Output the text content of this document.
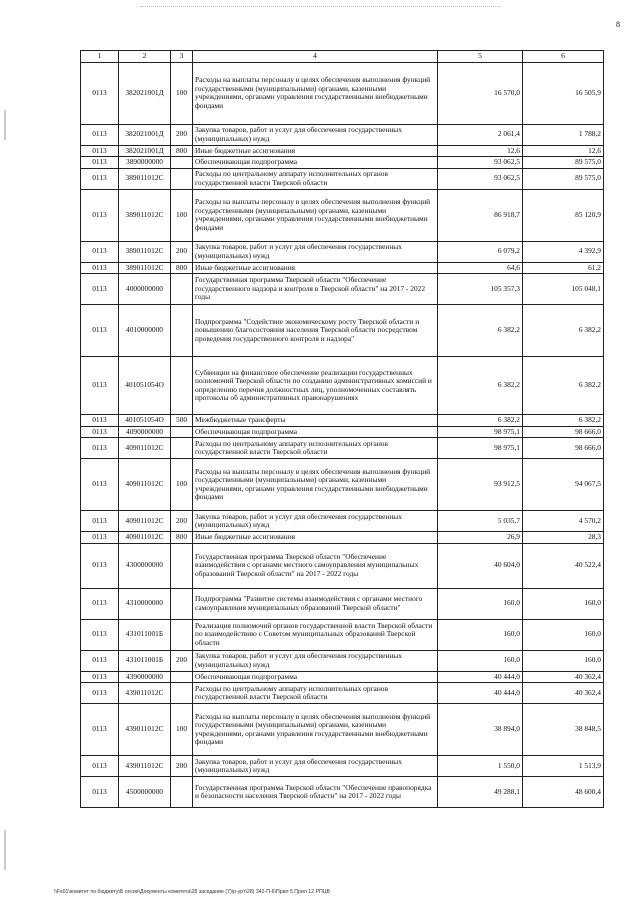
8
1	2	3	4	5	6
0113	382021001Д	100	Расходы на выплаты персоналу в целях обеспечения выполнения функций государственными (муниципальными) органами, казенными учреждениями, органами управления государственными внебюджетными фондами	16 570,0	16 505,9
0113	382021001Д	200	Закупка товаров, работ и услуг для обеспечения государственных (муниципальных) нужд	2 061,4	1 788,2
0113	382021001Д	800	Иные бюджетные ассигнования	12,6	12,6
0113	3890000000		Обеспечивающая подпрограмма	93 062,5	89 575,0
0113	389011012С		Расходы по центральному аппарату исполнительных органов государственной власти Тверской области	93 062,5	89 575,0
0113	389011012С	100	Расходы на выплаты персоналу в целях обеспечения выполнения функций государственными (муниципальными) органами, казенными учреждениями, органами управления государственными внебюджетными фондами	86 918,7	85 120,9
0113	389011012С	200	Закупка товаров, работ и услуг для обеспечения государственных (муниципальных) нужд	6 079,2	4 392,9
0113	389011012С	800	Иные бюджетные ассигнования	64,6	61,2
0113	4000000000		Государственная программа Тверской области "Обеспечение государственного надзора и контроля в Тверской области" на 2017 - 2022 годы	105 357,3	105 048,1
0113	4010000000		Подпрограмма "Содействие экономическому росту Тверской области и повышению благосостояния населения Тверской области посредством проведения государственного контроля и надзора"	6 382,2	6 382,2
0113	401051054О		Субвенции на финансовое обеспечение реализации государственных полномочий Тверской области по созданию административных комиссий и определению перечня должностных лиц, уполномоченных составлять протоколы об административных правонарушениях	6 382,2	6 382,2
0113	401051054О	500	Межбюджетные трансферты	6 382,2	6 382,2
0113	4090000000		Обеспечивающая подпрограмма	98 975,1	98 666,0
0113	409011012С		Расходы по центральному аппарату исполнительных органов государственной власти Тверской области	98 975,1	98 666,0
0113	409011012С	100	Расходы на выплаты персоналу в целях обеспечения выполнения функций государственными (муниципальными) органами, казенными учреждениями, органами управления государственными внебюджетными фондами	93 912,5	94 067,5
0113	409011012С	200	Закупка товаров, работ и услуг для обеспечения государственных (муниципальных) нужд	5 035,7	4 570,2
0113	409011012С	800	Иные бюджетные ассигнования	26,9	28,3
0113	4300000000		Государственная программа Тверской области "Обеспечение взаимодействия с органами местного самоуправления муниципальных образований Тверской области" на 2017 - 2022 годы	40 604,0	40 522,4
0113	4310000000		Подпрограмма "Развитие системы взаимодействия с органами местного самоуправления муниципальных образований Тверской области"	160,0	160,0
0113	431011001Б		Реализация полномочий органов государственной власти Тверской области по взаимодействию с Советом муниципальных образований Тверской области	160,0	160,0
0113	431011001Б	200	Закупка товаров, работ и услуг для обеспечения государственных (муниципальных) нужд	160,0	160,0
0113	4390000000		Обеспечивающая подпрограмма	40 444,0	40 362,4
0113	439011012С		Расходы по центральному аппарату исполнительных органов государственной власти Тверской области	40 444,0	40 362,4
0113	439011012С	100	Расходы на выплаты персоналу в целях обеспечения выполнения функций государственными (муниципальными) органами, казенными учреждениями, органами управления государственными внебюджетными фондами	38 894,0	38 848,5
0113	439011012С	200	Закупка товаров, работ и услуг для обеспечения государственных (муниципальных) нужд	1 550,0	1 513,9
0113	4500000000		Государственная программа Тверской области "Обеспечение правопорядка и безопасности населения Тверской области" на 2017 - 2022 годы	49 288,1	48 600,4
\\Fs01\комитет по бюджету\Б сесия\Документы комитета\28 заседание (7)\р-урт\28) 342-П-6\Прил 5 Прил 12 РПЦВ
